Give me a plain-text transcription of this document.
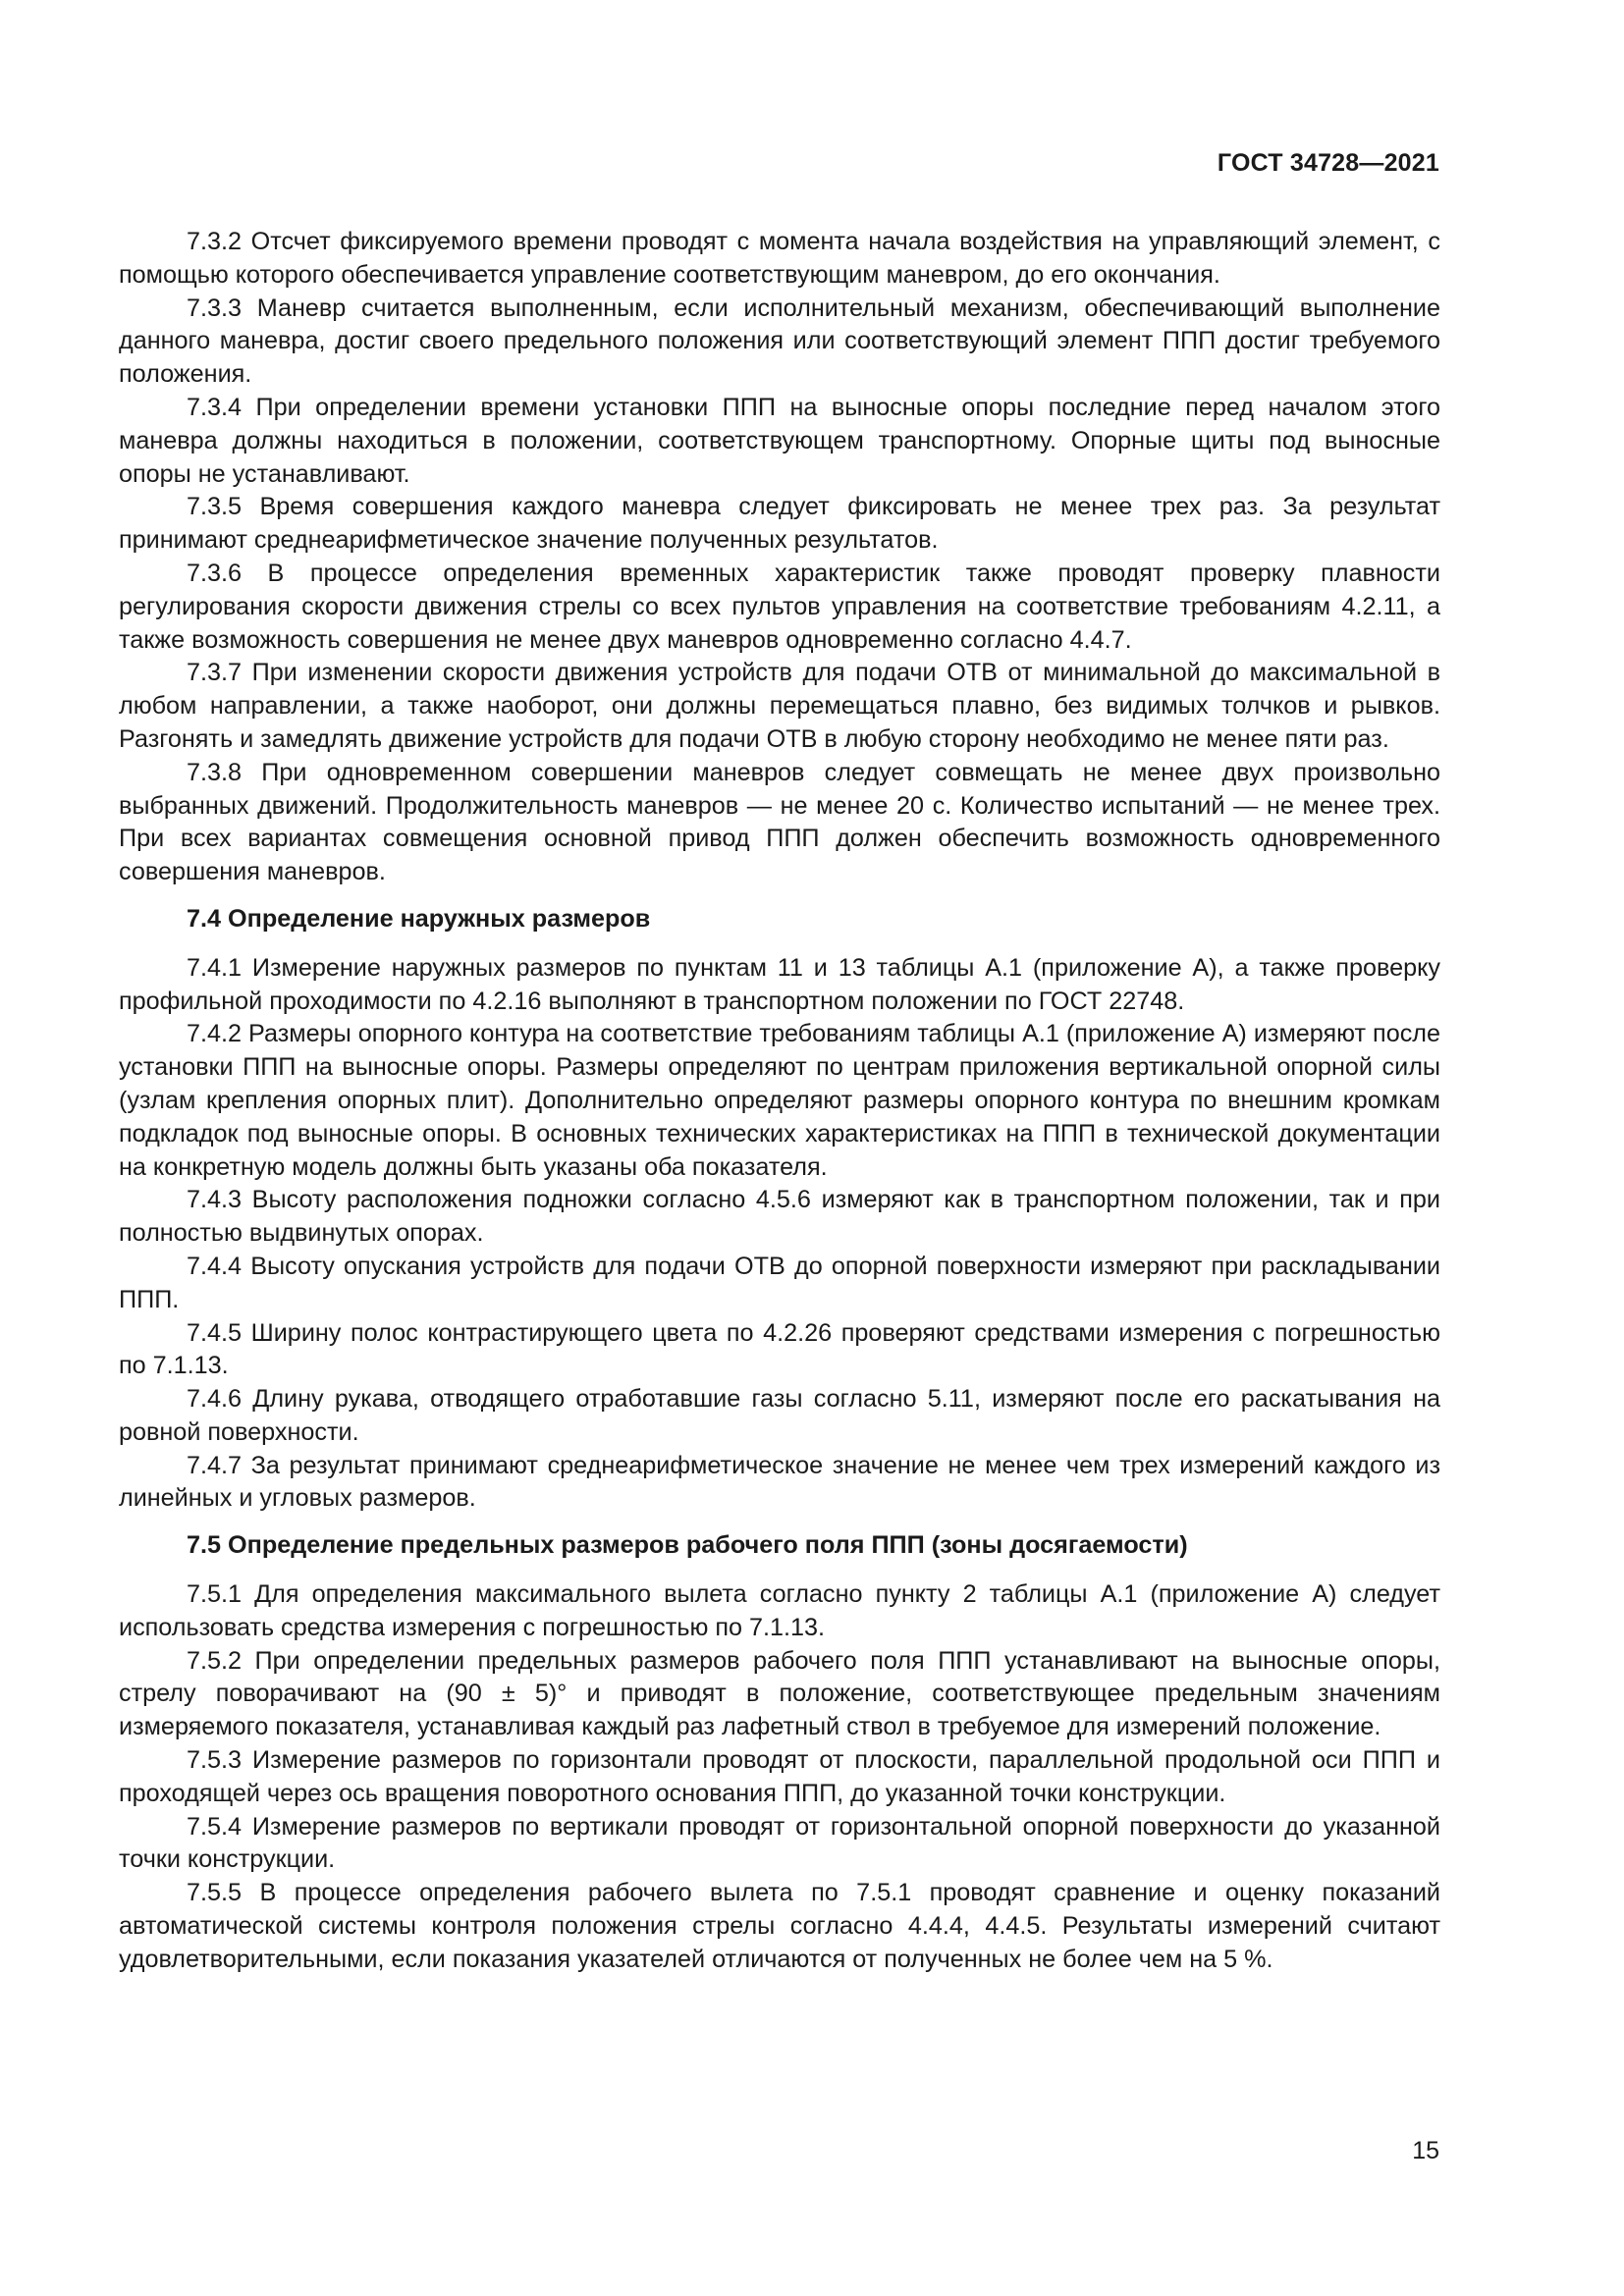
ГОСТ 34728—2021

7.3.2 Отсчет фиксируемого времени проводят с момента начала воздействия на управляющий элемент, с помощью которого обеспечивается управление соответствующим маневром, до его окончания.

7.3.3 Маневр считается выполненным, если исполнительный механизм, обеспечивающий выполнение данного маневра, достиг своего предельного положения или соответствующий элемент ППП достиг требуемого положения.

7.3.4 При определении времени установки ППП на выносные опоры последние перед началом этого маневра должны находиться в положении, соответствующем транспортному. Опорные щиты под выносные опоры не устанавливают.

7.3.5 Время совершения каждого маневра следует фиксировать не менее трех раз. За результат принимают среднеарифметическое значение полученных результатов.

7.3.6 В процессе определения временных характеристик также проводят проверку плавности регулирования скорости движения стрелы со всех пультов управления на соответствие требованиям 4.2.11, а также возможность совершения не менее двух маневров одновременно согласно 4.4.7.

7.3.7 При изменении скорости движения устройств для подачи ОТВ от минимальной до максимальной в любом направлении, а также наоборот, они должны перемещаться плавно, без видимых толчков и рывков. Разгонять и замедлять движение устройств для подачи ОТВ в любую сторону необходимо не менее пяти раз.

7.3.8 При одновременном совершении маневров следует совмещать не менее двух произвольно выбранных движений. Продолжительность маневров — не менее 20 с. Количество испытаний — не менее трех. При всех вариантах совмещения основной привод ППП должен обеспечить возможность одновременного совершения маневров.

7.4 Определение наружных размеров

7.4.1 Измерение наружных размеров по пунктам 11 и 13 таблицы А.1 (приложение А), а также проверку профильной проходимости по 4.2.16 выполняют в транспортном положении по ГОСТ 22748.

7.4.2 Размеры опорного контура на соответствие требованиям таблицы А.1 (приложение А) измеряют после установки ППП на выносные опоры. Размеры определяют по центрам приложения вертикальной опорной силы (узлам крепления опорных плит). Дополнительно определяют размеры опорного контура по внешним кромкам подкладок под выносные опоры. В основных технических характеристиках на ППП в технической документации на конкретную модель должны быть указаны оба показателя.

7.4.3 Высоту расположения подножки согласно 4.5.6 измеряют как в транспортном положении, так и при полностью выдвинутых опорах.

7.4.4 Высоту опускания устройств для подачи ОТВ до опорной поверхности измеряют при раскладывании ППП.

7.4.5 Ширину полос контрастирующего цвета по 4.2.26 проверяют средствами измерения с погрешностью по 7.1.13.

7.4.6 Длину рукава, отводящего отработавшие газы согласно 5.11, измеряют после его раскатывания на ровной поверхности.

7.4.7 За результат принимают среднеарифметическое значение не менее чем трех измерений каждого из линейных и угловых размеров.

7.5 Определение предельных размеров рабочего поля ППП (зоны досягаемости)

7.5.1 Для определения максимального вылета согласно пункту 2 таблицы А.1 (приложение А) следует использовать средства измерения с погрешностью по 7.1.13.

7.5.2 При определении предельных размеров рабочего поля ППП устанавливают на выносные опоры, стрелу поворачивают на (90 ± 5)° и приводят в положение, соответствующее предельным значениям измеряемого показателя, устанавливая каждый раз лафетный ствол в требуемое для измерений положение.

7.5.3 Измерение размеров по горизонтали проводят от плоскости, параллельной продольной оси ППП и проходящей через ось вращения поворотного основания ППП, до указанной точки конструкции.

7.5.4 Измерение размеров по вертикали проводят от горизонтальной опорной поверхности до указанной точки конструкции.

7.5.5 В процессе определения рабочего вылета по 7.5.1 проводят сравнение и оценку показаний автоматической системы контроля положения стрелы согласно 4.4.4, 4.4.5. Результаты измерений считают удовлетворительными, если показания указателей отличаются от полученных не более чем на 5 %.

15
